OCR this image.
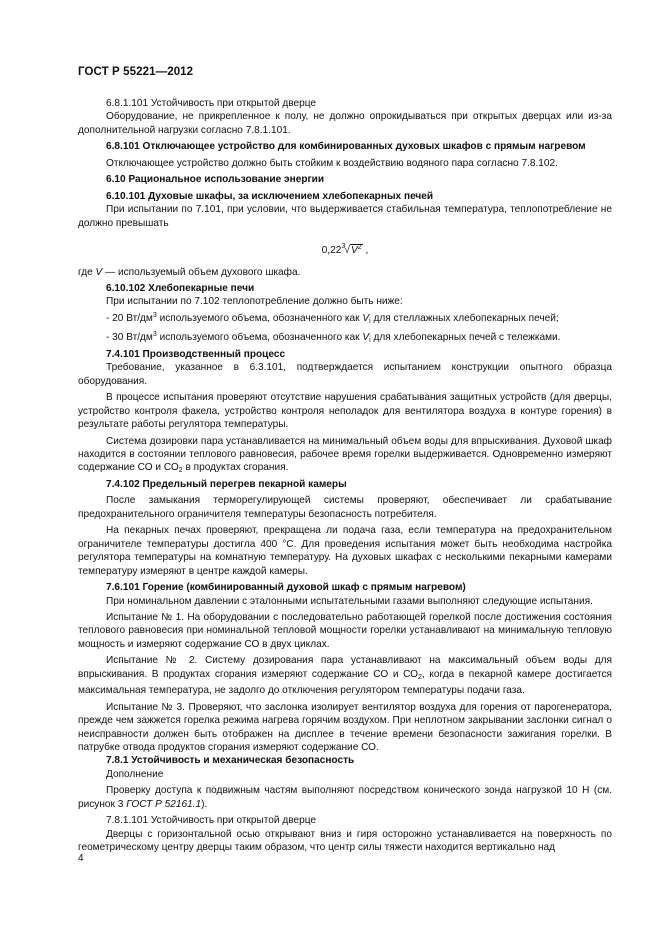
ГОСТ Р 55221—2012

6.8.1.101 Устойчивость при открытой дверце

Оборудование, не прикрепленное к полу, не должно опрокидываться при открытых дверцах или из-за дополнительной нагрузки согласно 7.8.1.101.

6.8.101 Отключающее устройство для комбинированных духовых шкафов с прямым нагревом

Отключающее устройство должно быть стойким к воздействию водяного пара согласно 7.8.102.

6.10 Рациональное использование энергии

6.10.101 Духовые шкафы, за исключением хлебопекарных печей

При испытании по 7.101, при условии, что выдерживается стабильная температура, теплопотребление не должно превышать

$0,22^3√V^2$ ,

где V — используемый объем духового шкафа.

6.10.102 Хлебопекарные печи

При испытании по 7.102 теплопотребление должно быть ниже:

- 20 $Вт/дм^3$ используемого объема, обозначенного как $V_i$ для стеллажных хлебопекарных печей;

- 30 $Вт/дм^3$ используемого объема, обозначенного как $V_i$ для хлебопекарных печей с тележками.

7.4.101 Производственный процесс

Требование, указанное в 6.3.101, подтверждается испытанием конструкции опытного образца оборудования.

В процессе испытания проверяют отсутствие нарушения срабатывания защитных устройств (для дверцы, устройство контроля факела, устройство контроля неполадок для вентилятора воздуха в контуре горения) в результате работы регулятора температуры.

Система дозировки пара устанавливается на минимальный объем воды для впрыскивания. Духовой шкаф находится в состоянии теплового равновесия, рабочее время горелки выдерживается. Одновременно измеряют содержание СО и $СО_2$ в продуктах сгорания.

7.4.102 Предельный перегрев пекарной камеры

После замыкания терморегулирующей системы проверяют, обеспечивает ли срабатывание предохранительного ограничителя температуры безопасность потребителя.

На пекарных печах проверяют, прекращена ли подача газа, если температура на предохранительном ограничителе температуры достигла 400 °С. Для проведения испытания может быть необходима настройка регулятора температуры на комнатную температуру. На духовых шкафах с несколькими пекарными камерами температуру измеряют в центре каждой камеры.

7.6.101 Горение (комбинированный духовой шкаф с прямым нагревом)

При номинальном давлении с эталонными испытательными газами выполняют следующие испытания.

Испытание № 1. На оборудовании с последовательно работающей горелкой после достижения состояния теплового равновесия при номинальной тепловой мощности горелки устанавливают на минимальную тепловую мощность и измеряют содержание СО в двух циклах.

Испытание № 2. Систему дозирования пара устанавливают на максимальный объем воды для впрыскивания. В продуктах сгорания измеряют содержание СО и $СО_2$, когда в пекарной камере достигается максимальная температура, не задолго до отключения регулятором температуры подачи газа.

Испытание № 3. Проверяют, что заслонка изолирует вентилятор воздуха для горения от парогенератора, прежде чем зажжется горелка режима нагрева горячим воздухом. При неплотном закрывании заслонки сигнал о неисправности должен быть отображен на дисплее в течение времени безопасности зажигания горелки. В патрубке отвода продуктов сгорания измеряют содержание СО.

7.8.1 Устойчивость и механическая безопасность

Дополнение

Проверку доступа к подвижным частям выполняют посредством конического зонда нагрузкой 10 Н (см. рисунок 3 ГОСТ Р 52161.1).

7.8.1.101 Устойчивость при открытой дверце

Дверцы с горизонтальной осью открывают вниз и гиря осторожно устанавливается на поверхность по геометрическому центру дверцы таким образом, что центр силы тяжести находится вертикально над

4
